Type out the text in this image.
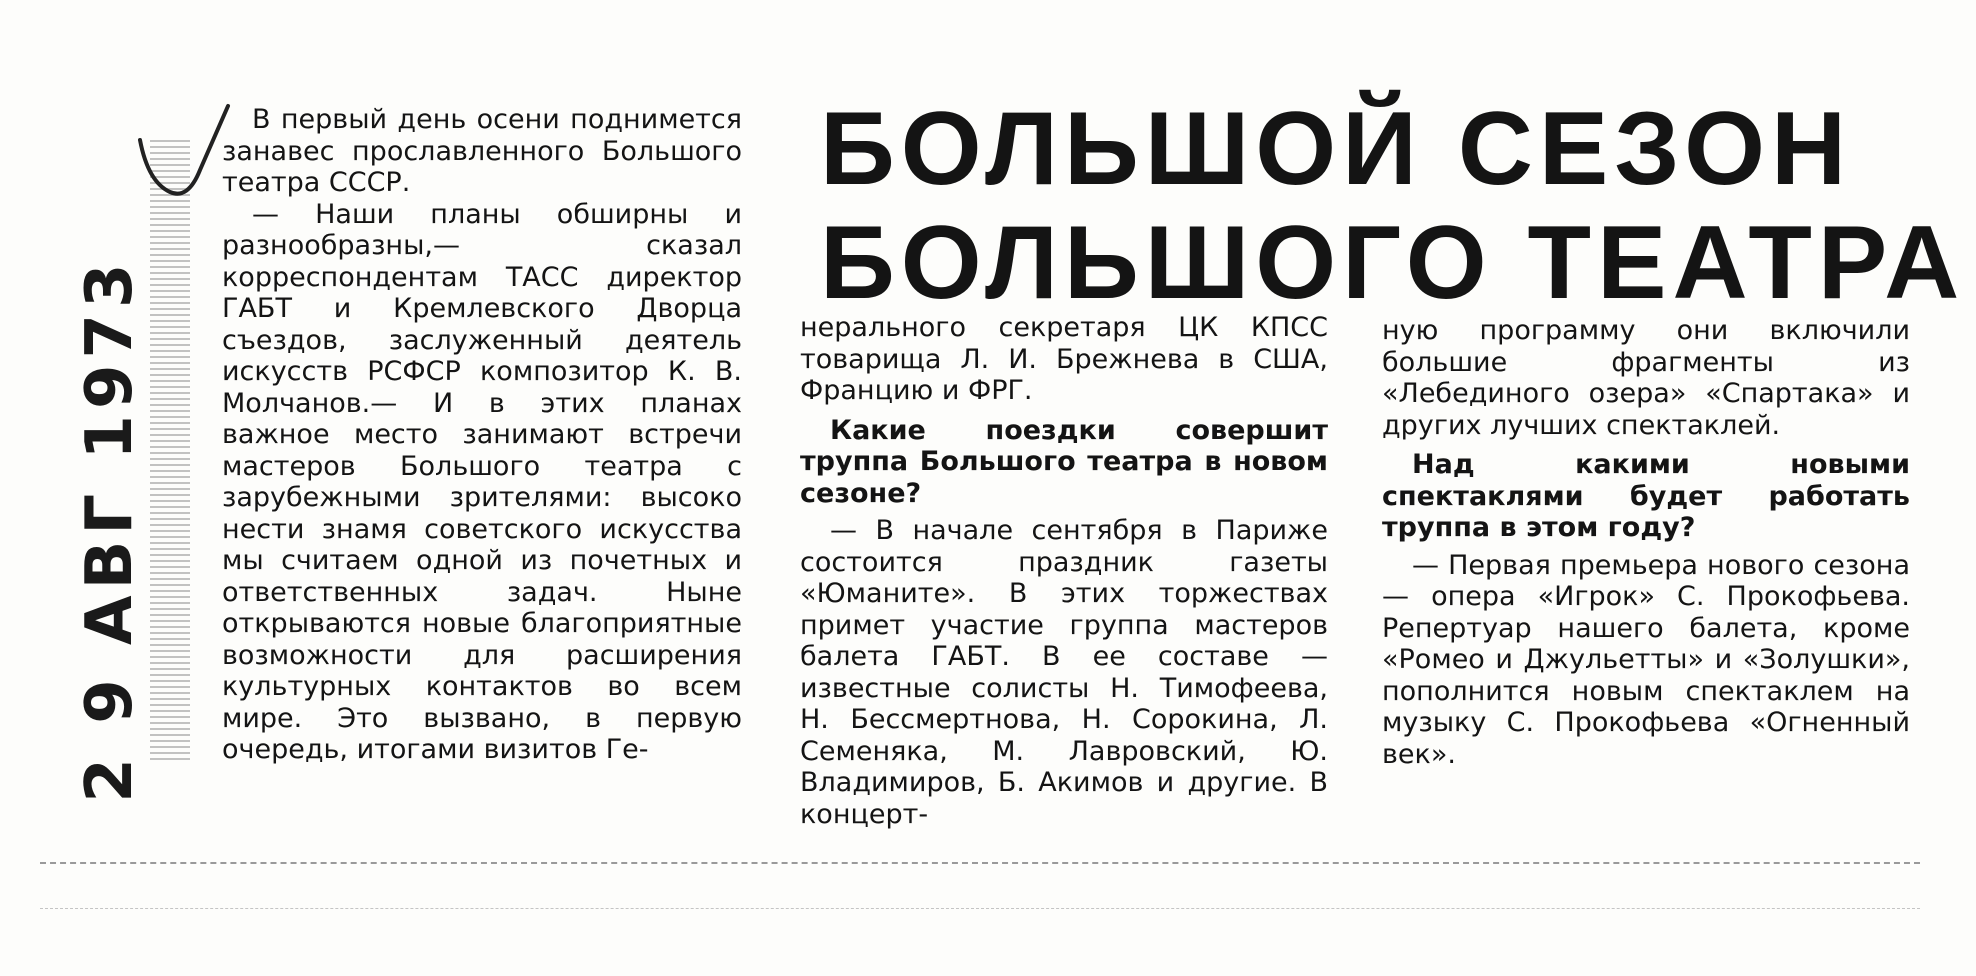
2 9 АВГ 1973
БОЛЬШОЙ СЕЗОН
БОЛЬШОГО ТЕАТРА

В первый день осени поднимется занавес прославленного Большого театра СССР.

— Наши планы обширны и разнообразны,— сказал корреспондентам ТАСС директор ГАБТ и Кремлевского Дворца съездов, заслуженный деятель искусств РСФСР композитор К. В. Молчанов.— И в этих планах важное место занимают встречи мастеров Большого театра с зарубежными зрителями: высоко нести знамя советского искусства мы считаем одной из почетных и ответственных задач. Ныне открываются новые благоприятные возможности для расширения культурных контактов во всем мире. Это вызвано, в первую очередь, итогами визитов Ге-

нерального секретаря ЦК КПСС товарища Л. И. Брежнева в США, Францию и ФРГ.

Какие поездки совершит труппа Большого театра в новом сезоне?

— В начале сентября в Париже состоится праздник газеты «Юманите». В этих торжествах примет участие группа мастеров балета ГАБТ. В ее составе — известные солисты Н. Тимофеева, Н. Бессмертнова, Н. Сорокина, Л. Семеняка, М. Лавровский, Ю. Владимиров, Б. Акимов и другие. В концерт-

ную программу они включили большие фрагменты из «Лебединого озера» «Спартака» и других лучших спектаклей.

Над какими новыми спектаклями будет работать труппа в этом году?

— Первая премьера нового сезона — опера «Игрок» С. Прокофьева. Репертуар нашего балета, кроме «Ромео и Джульетты» и «Золушки», пополнится новым спектаклем на музыку С. Прокофьева «Огненный век».
